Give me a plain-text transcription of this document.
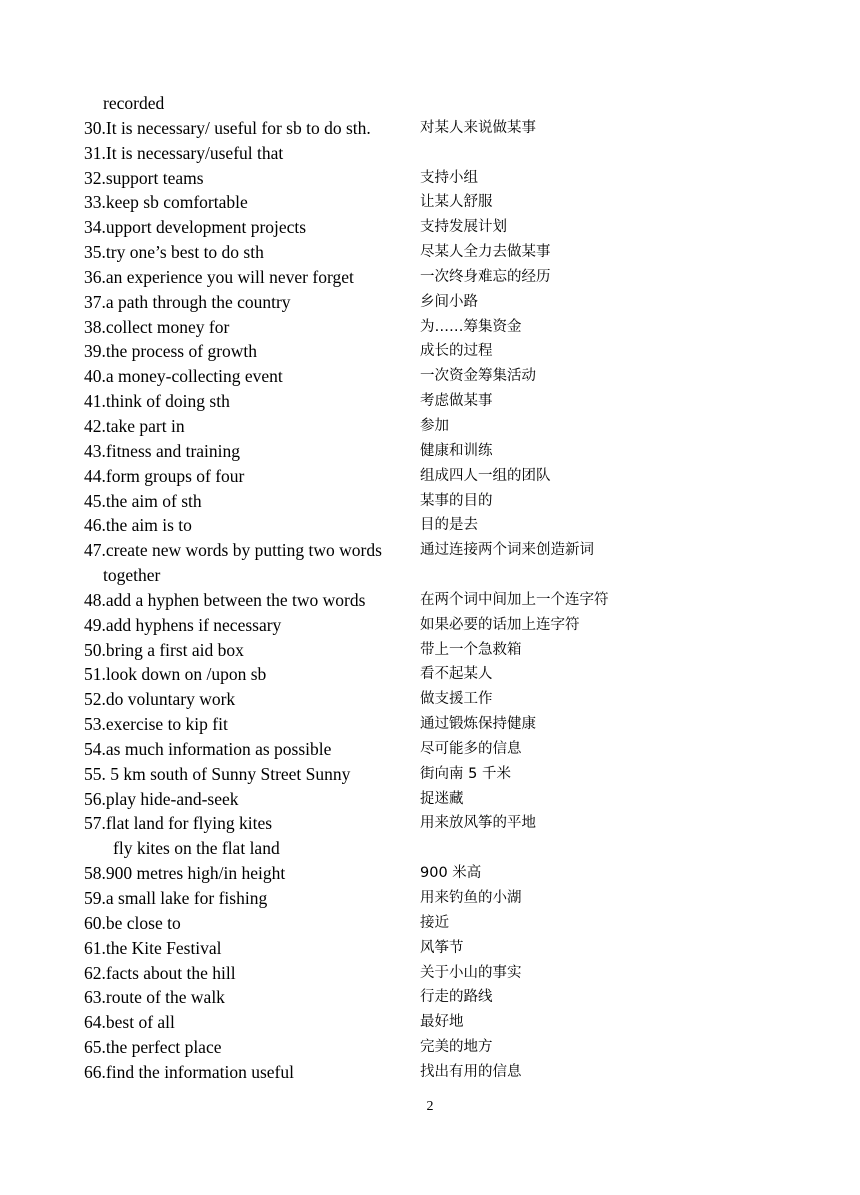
recorded
30.It is necessary/ useful for sb to do sth.	对某人来说做某事
31.It is necessary/useful that
32.support teams	支持小组
33.keep sb comfortable	让某人舒服
34.upport development projects	支持发展计划
35.try one’s best to do sth	尽某人全力去做某事
36.an experience you will never forget	一次终身难忘的经历
37.a path through the country	乡间小路
38.collect money for	为……筹集资金
39.the process of growth	成长的过程
40.a money-collecting event	一次资金筹集活动
41.think of doing sth	考虑做某事
42.take part in	参加
43.fitness and training	健康和训练
44.form groups of four	组成四人一组的团队
45.the aim of sth	某事的目的
46.the aim is to	目的是去
47.create new words by putting two words	通过连接两个词来创造新词
together
48.add a hyphen between the two words	在两个词中间加上一个连字符
49.add hyphens if necessary	如果必要的话加上连字符
50.bring a first aid box	带上一个急救箱
51.look down on /upon sb	看不起某人
52.do voluntary work	做支援工作
53.exercise to kip fit	通过锻炼保持健康
54.as much information as possible	尽可能多的信息
55. 5 km south of Sunny Street Sunny	街向南 5 千米
56.play hide-and-seek	捉迷藏
57.flat land for flying kites	用来放风筝的平地
fly kites on the flat land
58.900 metres high/in height	900 米高
59.a small lake for fishing	用来钓鱼的小湖
60.be close to	接近
61.the Kite Festival	风筝节
62.facts about the hill	关于小山的事实
63.route of the walk	行走的路线
64.best of all	最好地
65.the perfect place	完美的地方
66.find the information useful	找出有用的信息
2
